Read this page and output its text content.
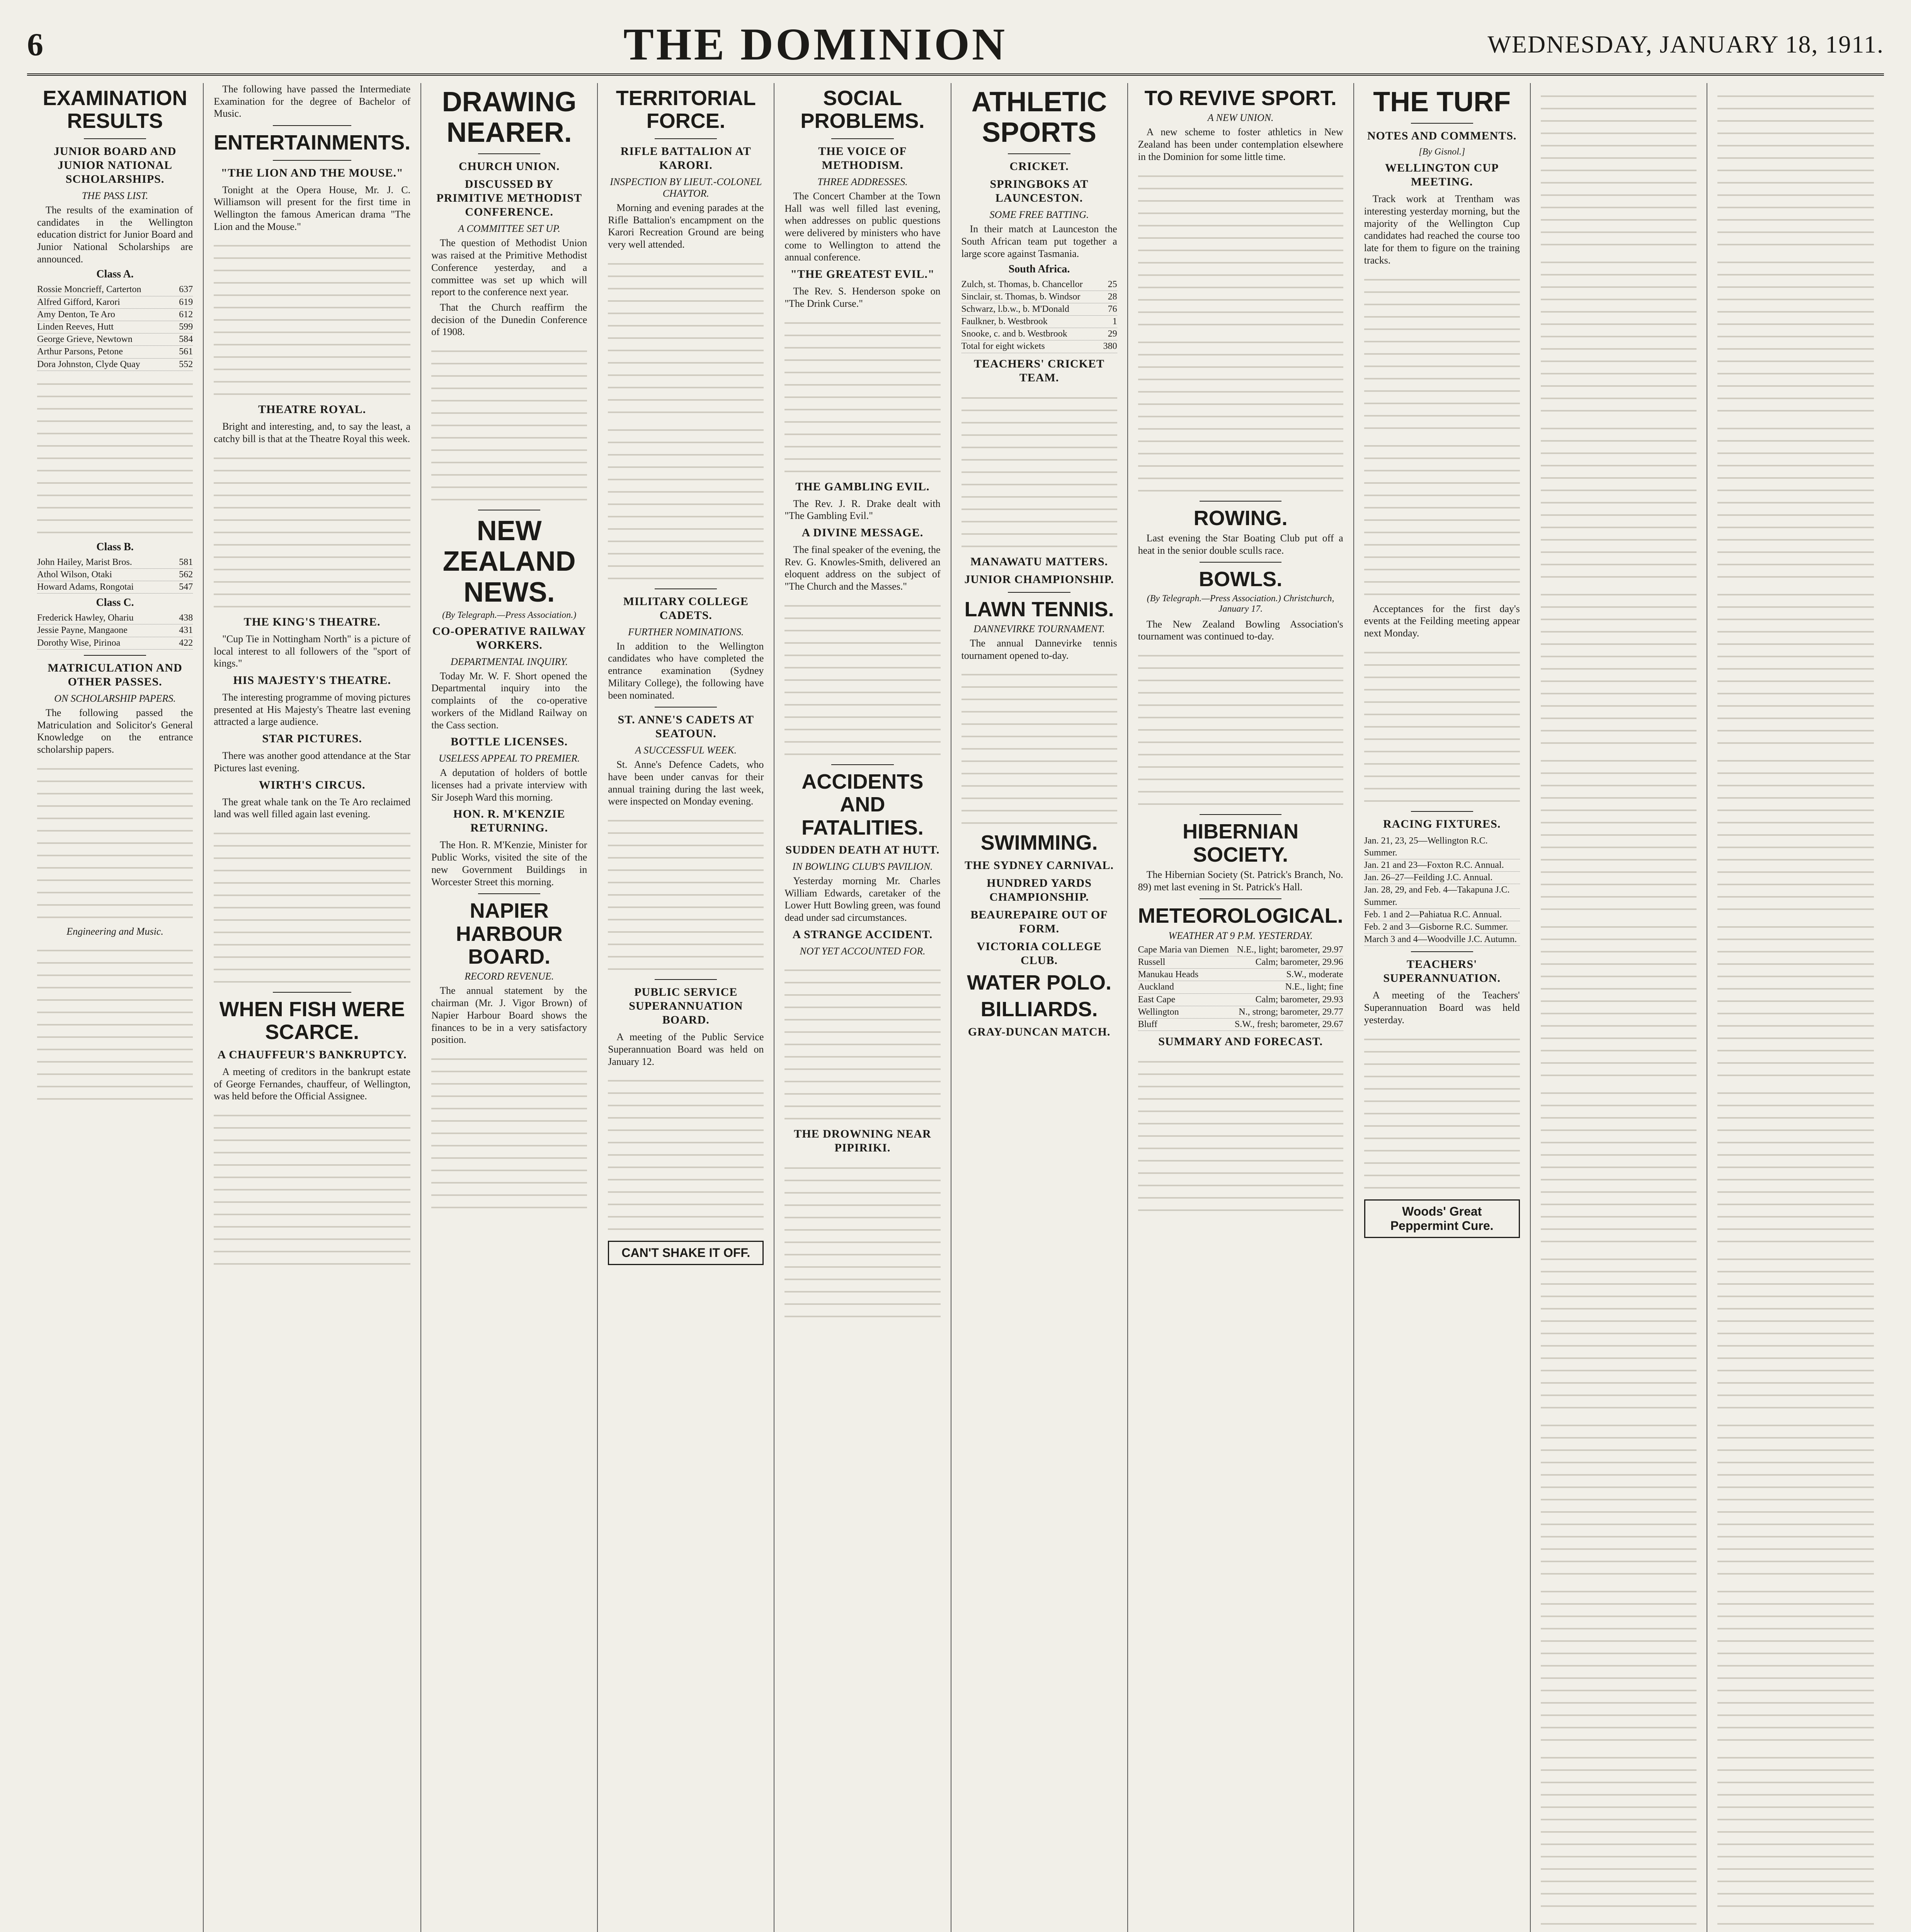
6	THE DOMINION	WEDNESDAY, JANUARY 18, 1911.
EXAMINATION RESULTS
JUNIOR BOARD AND JUNIOR NATIONAL SCHOLARSHIPS.
THE PASS LIST.

The results of the examination of candidates in the Wellington education district for Junior Board and Junior National Scholarships are announced.

Class A.
Rossie Moncrieff, Carterton	637
Alfred Gifford, Karori	619
Amy Denton, Te Aro	612
Linden Reeves, Hutt	599
George Grieve, Newtown	584
Arthur Parsons, Petone	561
Dora Johnston, Clyde Quay	552
Class B.
John Hailey, Marist Bros.	581
Athol Wilson, Otaki	562
Howard Adams, Rongotai	547
Class C.
Frederick Hawley, Ohariu	438
Jessie Payne, Mangaone	431
Dorothy Wise, Pirinoa	422
MATRICULATION AND OTHER PASSES.
ON SCHOLARSHIP PAPERS.

The following passed the Matriculation and Solicitor's General Knowledge on the entrance scholarship papers.

Engineering and Music.

The following have passed the Intermediate Examination for the degree of Bachelor of Music.

ENTERTAINMENTS.
"THE LION AND THE MOUSE."

Tonight at the Opera House, Mr. J. C. Williamson will present for the first time in Wellington the famous American drama "The Lion and the Mouse."

THEATRE ROYAL.

Bright and interesting, and, to say the least, a catchy bill is that at the Theatre Royal this week.

THE KING'S THEATRE.

"Cup Tie in Nottingham North" is a picture of local interest to all followers of the "sport of kings."

HIS MAJESTY'S THEATRE.

The interesting programme of moving pictures presented at His Majesty's Theatre last evening attracted a large audience.

STAR PICTURES.

There was another good attendance at the Star Pictures last evening.

WIRTH'S CIRCUS.

The great whale tank on the Te Aro reclaimed land was well filled again last evening.

WHEN FISH WERE SCARCE.
A CHAUFFEUR'S BANKRUPTCY.

A meeting of creditors in the bankrupt estate of George Fernandes, chauffeur, of Wellington, was held before the Official Assignee.

DRAWING NEARER.
CHURCH UNION.
DISCUSSED BY PRIMITIVE METHODIST CONFERENCE.
A COMMITTEE SET UP.

The question of Methodist Union was raised at the Primitive Methodist Conference yesterday, and a committee was set up which will report to the conference next year.

That the Church reaffirm the decision of the Dunedin Conference of 1908.

NEW ZEALAND NEWS.
(By Telegraph.—Press Association.)
CO-OPERATIVE RAILWAY WORKERS.
DEPARTMENTAL INQUIRY.

Today Mr. W. F. Short opened the Departmental inquiry into the complaints of the co-operative workers of the Midland Railway on the Cass section.

BOTTLE LICENSES.
USELESS APPEAL TO PREMIER.

A deputation of holders of bottle licenses had a private interview with Sir Joseph Ward this morning.

HON. R. M'KENZIE RETURNING.

The Hon. R. M'Kenzie, Minister for Public Works, visited the site of the new Government Buildings in Worcester Street this morning.

NAPIER HARBOUR BOARD.
RECORD REVENUE.

The annual statement by the chairman (Mr. J. Vigor Brown) of Napier Harbour Board shows the finances to be in a very satisfactory position.

TERRITORIAL FORCE.
RIFLE BATTALION AT KARORI.
INSPECTION BY LIEUT.-COLONEL CHAYTOR.

Morning and evening parades at the Rifle Battalion's encampment on the Karori Recreation Ground are being very well attended.

MILITARY COLLEGE CADETS.
FURTHER NOMINATIONS.

In addition to the Wellington candidates who have completed the entrance examination (Sydney Military College), the following have been nominated.

ST. ANNE'S CADETS AT SEATOUN.
A SUCCESSFUL WEEK.

St. Anne's Defence Cadets, who have been under canvas for their annual training during the last week, were inspected on Monday evening.

PUBLIC SERVICE SUPERANNUATION BOARD.

A meeting of the Public Service Superannuation Board was held on January 12.

CAN'T SHAKE IT OFF.
SOCIAL PROBLEMS.
THE VOICE OF METHODISM.
THREE ADDRESSES.

The Concert Chamber at the Town Hall was well filled last evening, when addresses on public questions were delivered by ministers who have come to Wellington to attend the annual conference.

"THE GREATEST EVIL."

The Rev. S. Henderson spoke on "The Drink Curse."

THE GAMBLING EVIL.

The Rev. J. R. Drake dealt with "The Gambling Evil."

A DIVINE MESSAGE.

The final speaker of the evening, the Rev. G. Knowles-Smith, delivered an eloquent address on the subject of "The Church and the Masses."

ACCIDENTS AND FATALITIES.
SUDDEN DEATH AT HUTT.
IN BOWLING CLUB'S PAVILION.

Yesterday morning Mr. Charles William Edwards, caretaker of the Lower Hutt Bowling green, was found dead under sad circumstances.

A STRANGE ACCIDENT.
NOT YET ACCOUNTED FOR.
THE DROWNING NEAR PIPIRIKI.
ATHLETIC SPORTS
CRICKET.
SPRINGBOKS AT LAUNCESTON.
SOME FREE BATTING.

In their match at Launceston the South African team put together a large score against Tasmania.

South Africa.
Zulch, st. Thomas, b. Chancellor	25
Sinclair, st. Thomas, b. Windsor	28
Schwarz, l.b.w., b. M'Donald	76
Faulkner, b. Westbrook	1
Snooke, c. and b. Westbrook	29
Total for eight wickets	380
TEACHERS' CRICKET TEAM.
MANAWATU MATTERS.
JUNIOR CHAMPIONSHIP.
LAWN TENNIS.
DANNEVIRKE TOURNAMENT.

The annual Dannevirke tennis tournament opened to-day.

SWIMMING.
THE SYDNEY CARNIVAL.
HUNDRED YARDS CHAMPIONSHIP.
BEAUREPAIRE OUT OF FORM.
VICTORIA COLLEGE CLUB.
WATER POLO.
BILLIARDS.
GRAY-DUNCAN MATCH.
TO REVIVE SPORT.
A NEW UNION.

A new scheme to foster athletics in New Zealand has been under contemplation elsewhere in the Dominion for some little time.

ROWING.

Last evening the Star Boating Club put off a heat in the senior double sculls race.

BOWLS.
(By Telegraph.—Press Association.) Christchurch, January 17.

The New Zealand Bowling Association's tournament was continued to-day.

HIBERNIAN SOCIETY.

The Hibernian Society (St. Patrick's Branch, No. 89) met last evening in St. Patrick's Hall.

METEOROLOGICAL.
WEATHER AT 9 P.M. YESTERDAY.
Cape Maria van Diemen N.E., light; barometer, 29.97
Russell	Calm; barometer, 29.96
Manukau Heads	S.W., moderate
Auckland	N.E., light; fine
East Cape	Calm; barometer, 29.93
Wellington	N., strong; barometer, 29.77
Bluff	S.W., fresh; barometer, 29.67
SUMMARY AND FORECAST.
THE TURF
NOTES AND COMMENTS.
[By Gisnol.]
WELLINGTON CUP MEETING.

Track work at Trentham was interesting yesterday morning, but the majority of the Wellington Cup candidates had reached the course too late for them to figure on the training tracks.

Acceptances for the first day's events at the Feilding meeting appear next Monday.

RACING FIXTURES.
Jan. 21, 23, 25—Wellington R.C. Summer.
Jan. 21 and 23—Foxton R.C. Annual.
Jan. 26–27—Feilding J.C. Annual.
Jan. 28, 29, and Feb. 4—Takapuna J.C. Summer.
Feb. 1 and 2—Pahiatua R.C. Annual.
Feb. 2 and 3—Gisborne R.C. Summer.
March 3 and 4—Woodville J.C. Autumn.
TEACHERS' SUPERANNUATION.

A meeting of the Teachers' Superannuation Board was held yesterday.

Woods' Great Peppermint Cure.
